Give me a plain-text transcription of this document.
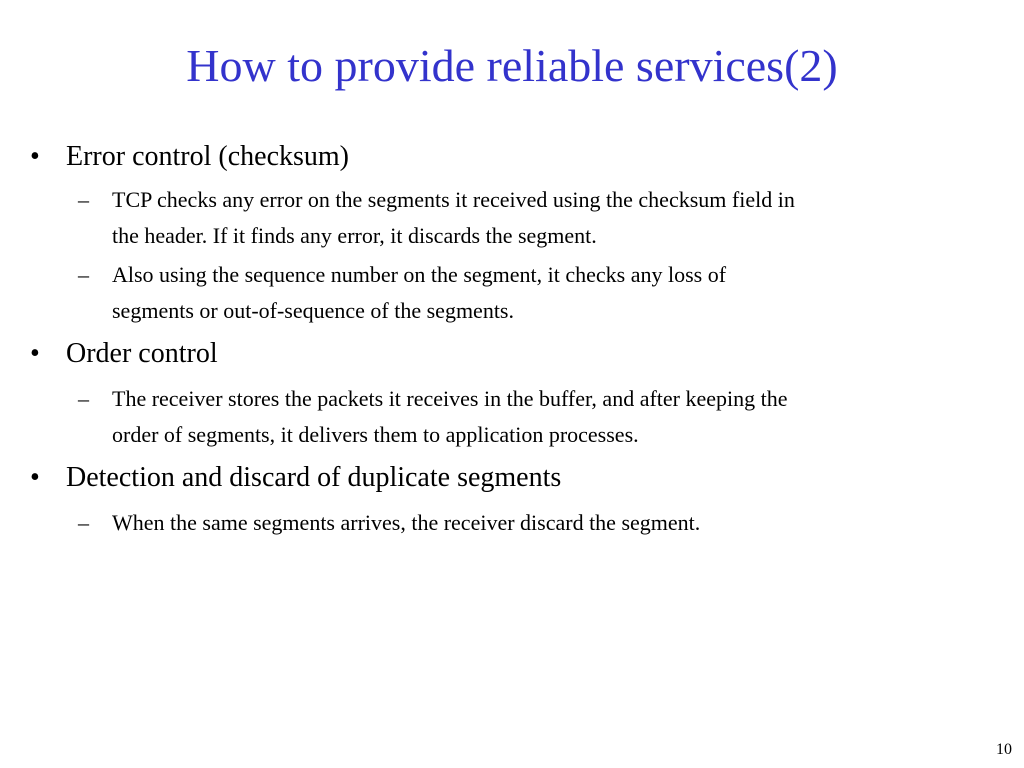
How to provide reliable services(2)
• Error control (checksum)
– TCP checks any error on the segments it received using the checksum field in
the header. If it finds any error, it discards the segment.
– Also using the sequence number on the segment, it checks any loss of
segments or out-of-sequence of the segments.
• Order control
– The receiver stores the packets it receives in the buffer, and after keeping the
order of segments, it delivers them to application processes.
• Detection and discard of duplicate segments
– When the same segments arrives, the receiver discard the segment.
10
